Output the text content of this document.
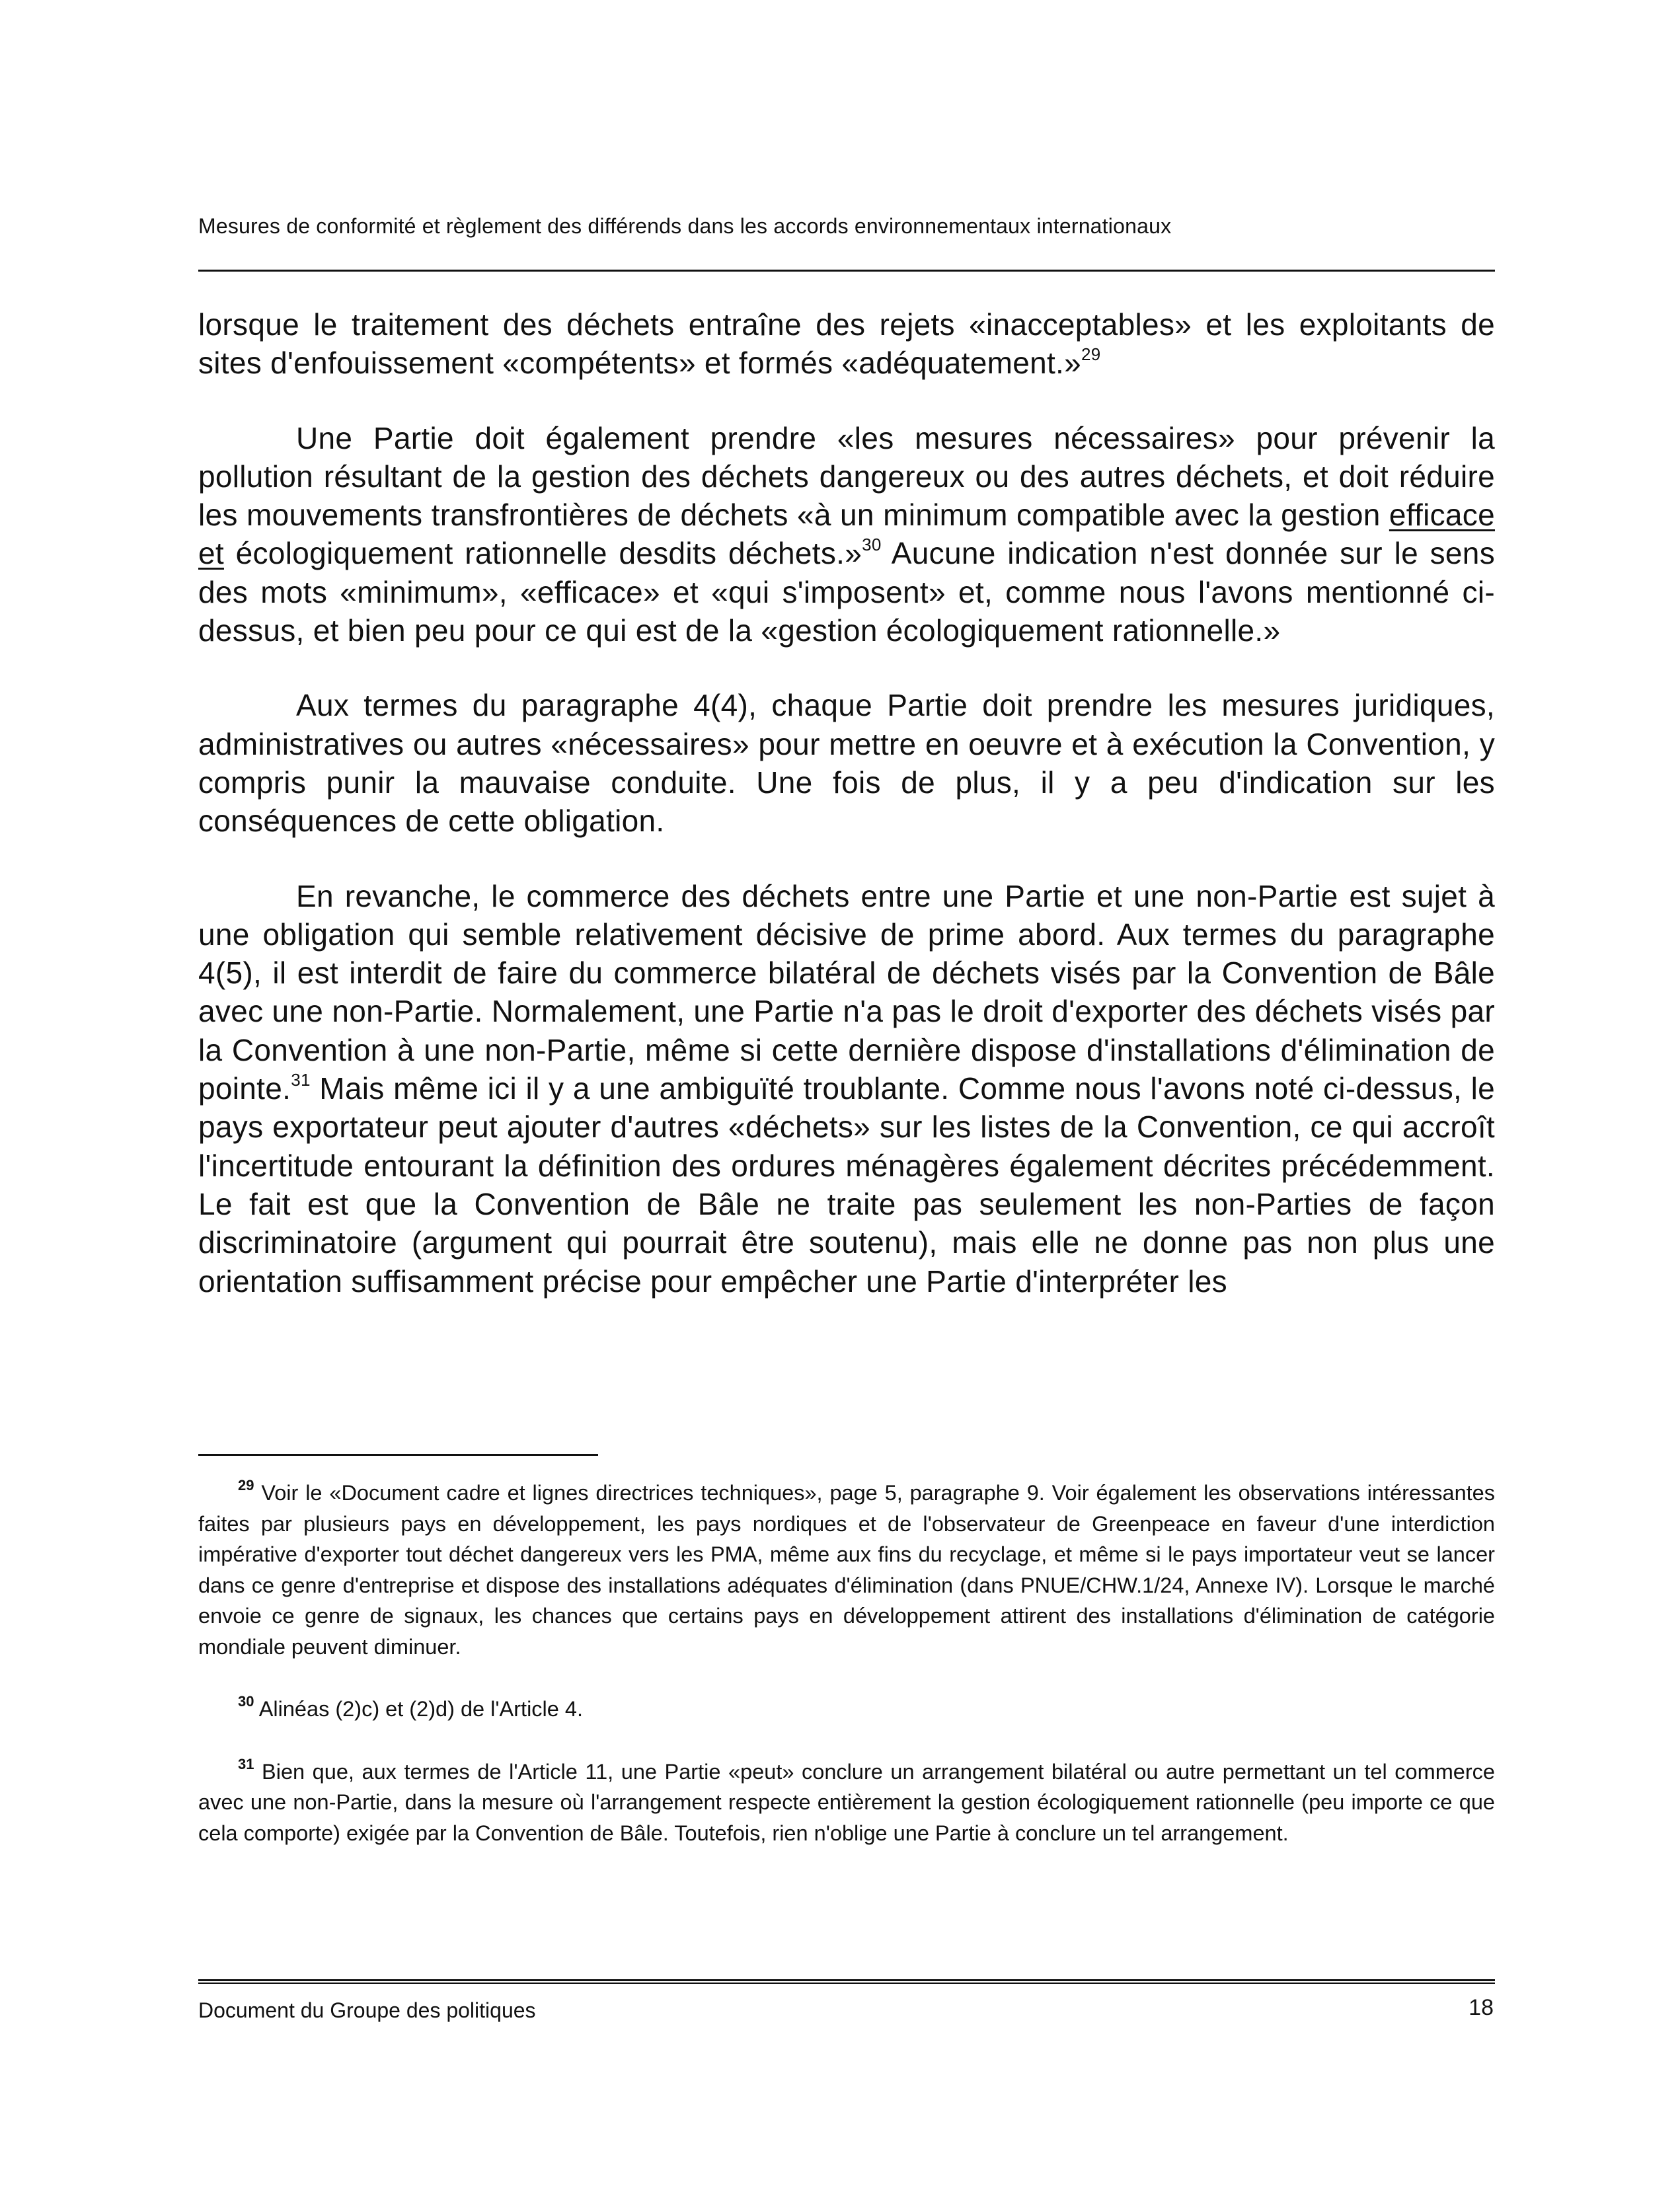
Mesures de conformité et règlement des différends dans les accords environnementaux internationaux

lorsque le traitement des déchets entraîne des rejets «inacceptables» et les exploitants de sites d'enfouissement «compétents» et formés «adéquatement.»$^{29}$

Une Partie doit également prendre «les mesures nécessaires» pour prévenir la pollution résultant de la gestion des déchets dangereux ou des autres déchets, et doit réduire les mouvements transfrontières de déchets «à un minimum compatible avec la gestion efficace et écologiquement rationnelle desdits déchets.»$^{30}$ Aucune indication n'est donnée sur le sens des mots «minimum», «efficace» et «qui s'imposent» et, comme nous l'avons mentionné ci-dessus, et bien peu pour ce qui est de la «gestion écologiquement rationnelle.»

Aux termes du paragraphe 4(4), chaque Partie doit prendre les mesures juridiques, administratives ou autres «nécessaires» pour mettre en oeuvre et à exécution la Convention, y compris punir la mauvaise conduite. Une fois de plus, il y a peu d'indication sur les conséquences de cette obligation.

En revanche, le commerce des déchets entre une Partie et une non-Partie est sujet à une obligation qui semble relativement décisive de prime abord. Aux termes du paragraphe 4(5), il est interdit de faire du commerce bilatéral de déchets visés par la Convention de Bâle avec une non-Partie. Normalement, une Partie n'a pas le droit d'exporter des déchets visés par la Convention à une non-Partie, même si cette dernière dispose d'installations d'élimination de pointe.$^{31}$ Mais même ici il y a une ambiguïté troublante. Comme nous l'avons noté ci-dessus, le pays exportateur peut ajouter d'autres «déchets» sur les listes de la Convention, ce qui accroît l'incertitude entourant la définition des ordures ménagères également décrites précédemment. Le fait est que la Convention de Bâle ne traite pas seulement les non-Parties de façon discriminatoire (argument qui pourrait être soutenu), mais elle ne donne pas non plus une orientation suffisamment précise pour empêcher une Partie d'interpréter les

$^{29}$ Voir le «Document cadre et lignes directrices techniques», page 5, paragraphe 9. Voir également les observations intéressantes faites par plusieurs pays en développement, les pays nordiques et de l'observateur de Greenpeace en faveur d'une interdiction impérative d'exporter tout déchet dangereux vers les PMA, même aux fins du recyclage, et même si le pays importateur veut se lancer dans ce genre d'entreprise et dispose des installations adéquates d'élimination (dans PNUE/CHW.1/24, Annexe IV). Lorsque le marché envoie ce genre de signaux, les chances que certains pays en développement attirent des installations d'élimination de catégorie mondiale peuvent diminuer.

$^{30}$ Alinéas (2)c) et (2)d) de l'Article 4.

$^{31}$ Bien que, aux termes de l'Article 11, une Partie «peut» conclure un arrangement bilatéral ou autre permettant un tel commerce avec une non-Partie, dans la mesure où l'arrangement respecte entièrement la gestion écologiquement rationnelle (peu importe ce que cela comporte) exigée par la Convention de Bâle. Toutefois, rien n'oblige une Partie à conclure un tel arrangement.

Document du Groupe des politiques	18
